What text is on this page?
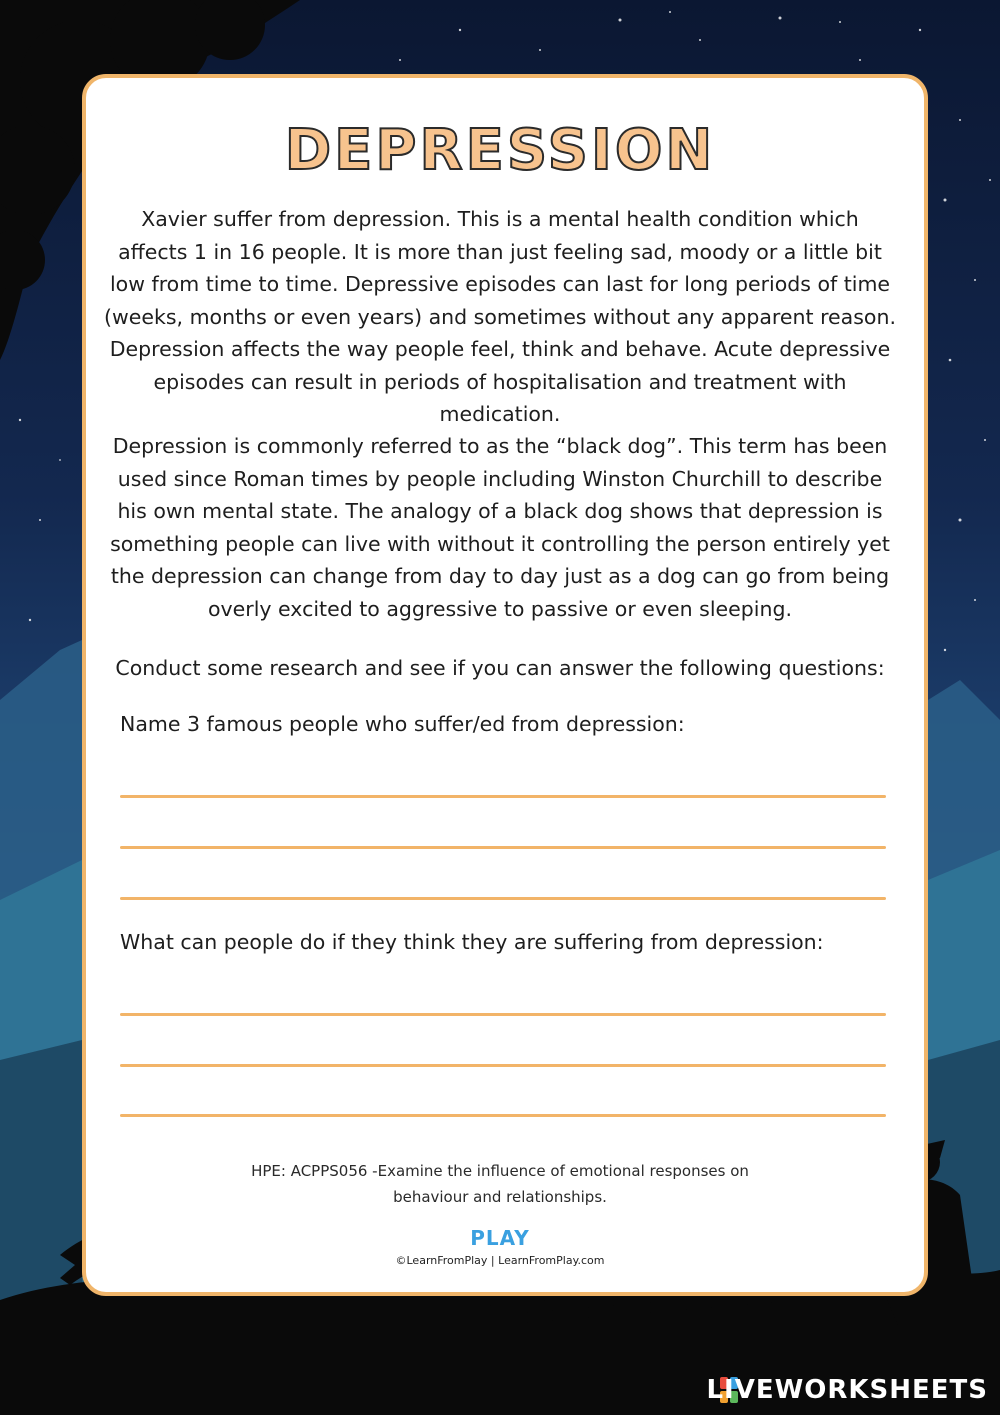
DEPRESSION

Xavier suffer from depression. This is a mental health condition which affects 1 in 16 people. It is more than just feeling sad, moody or a little bit low from time to time. Depressive episodes can last for long periods of time (weeks, months or even years) and sometimes without any apparent reason. Depression affects the way people feel, think and behave. Acute depressive episodes can result in periods of hospitalisation and treatment with medication.

Depression is commonly referred to as the “black dog”. This term has been used since Roman times by people including Winston Churchill to describe his own mental state. The analogy of a black dog shows that depression is something people can live with without it controlling the person entirely yet the depression can change from day to day just as a dog can go from being overly excited to aggressive to passive or even sleeping.

Conduct some research and see if you can answer the following questions:

Name 3 famous people who suffer/ed from depression:
What can people do if they think they are suffering from depression:
HPE: ACPPS056 -Examine the influence of emotional responses on
behaviour and relationships.
PLAY
©LearnFromPlay | LearnFromPlay.com
LIVEWORKSHEETS
